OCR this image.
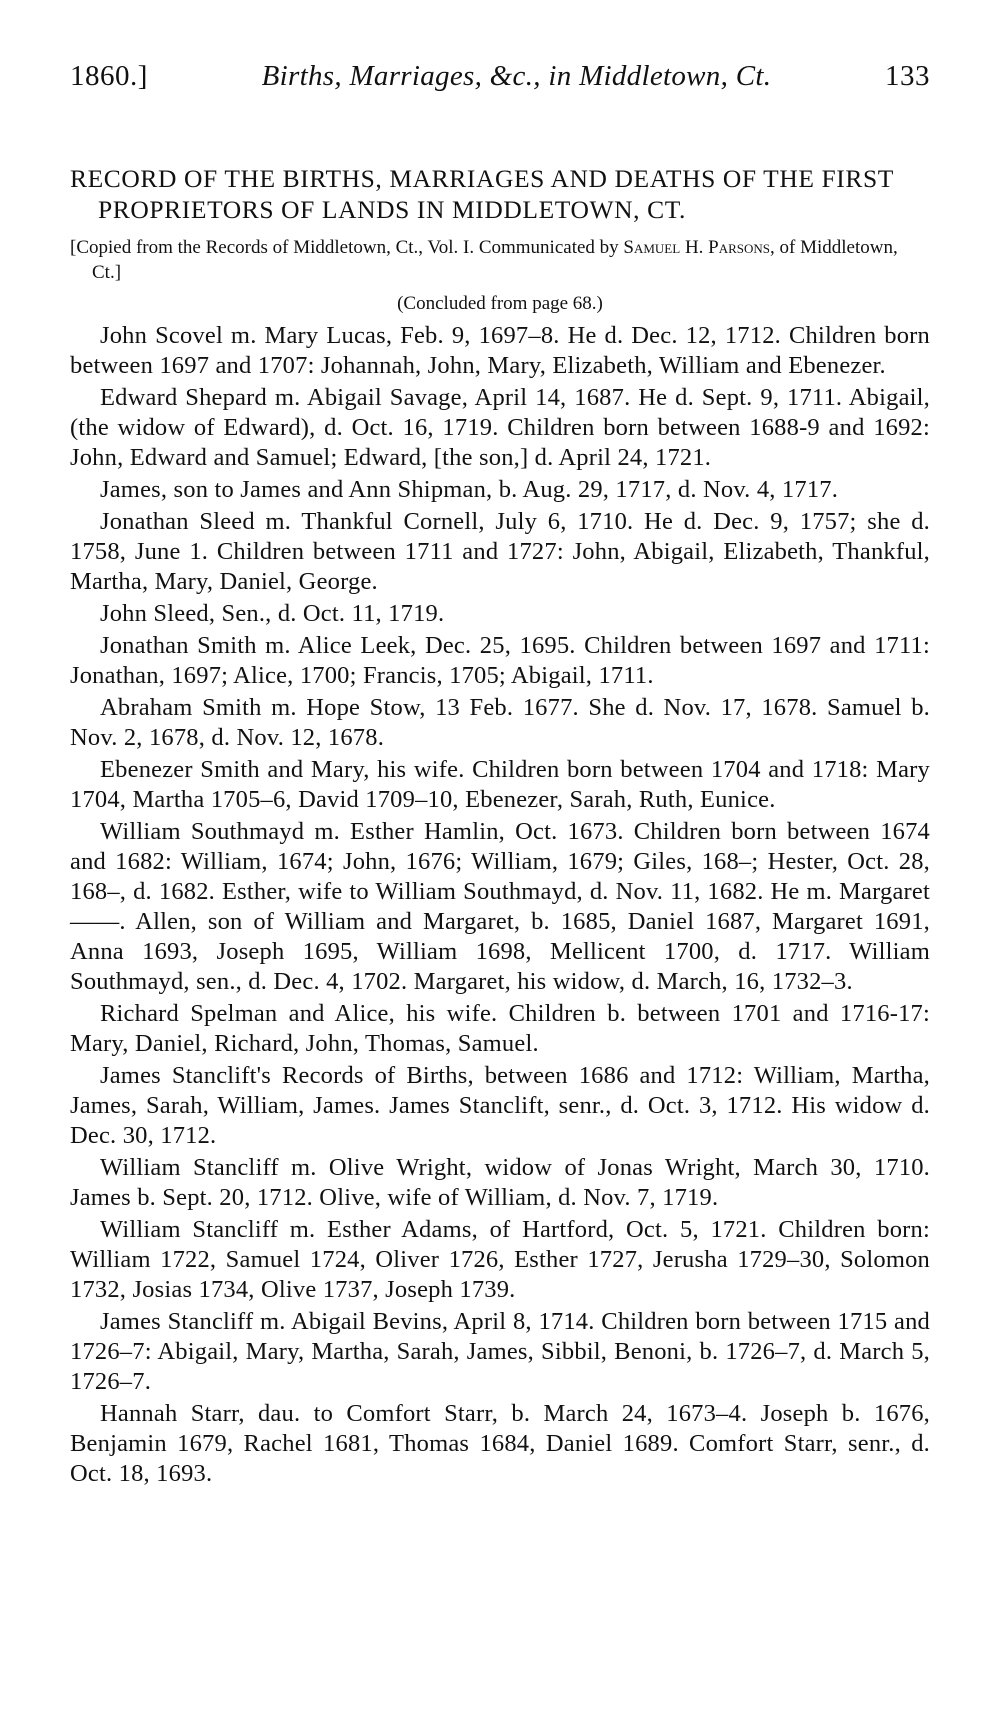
1860.]	Births, Marriages, &c., in Middletown, Ct.	133
RECORD OF THE BIRTHS, MARRIAGES AND DEATHS OF THE FIRST PROPRIETORS OF LANDS IN MIDDLETOWN, CT.

[Copied from the Records of Middletown, Ct., Vol. I. Communicated by Samuel H. Parsons, of Middletown, Ct.]

(Concluded from page 68.)

John Scovel m. Mary Lucas, Feb. 9, 1697–8. He d. Dec. 12, 1712. Children born between 1697 and 1707: Johannah, John, Mary, Elizabeth, William and Ebenezer.

Edward Shepard m. Abigail Savage, April 14, 1687. He d. Sept. 9, 1711. Abigail, (the widow of Edward), d. Oct. 16, 1719. Children born between 1688-9 and 1692: John, Edward and Samuel; Edward, [the son,] d. April 24, 1721.

James, son to James and Ann Shipman, b. Aug. 29, 1717, d. Nov. 4, 1717.

Jonathan Sleed m. Thankful Cornell, July 6, 1710. He d. Dec. 9, 1757; she d. 1758, June 1. Children between 1711 and 1727: John, Abigail, Elizabeth, Thankful, Martha, Mary, Daniel, George.

John Sleed, Sen., d. Oct. 11, 1719.

Jonathan Smith m. Alice Leek, Dec. 25, 1695. Children between 1697 and 1711: Jonathan, 1697; Alice, 1700; Francis, 1705; Abigail, 1711.

Abraham Smith m. Hope Stow, 13 Feb. 1677. She d. Nov. 17, 1678. Samuel b. Nov. 2, 1678, d. Nov. 12, 1678.

Ebenezer Smith and Mary, his wife. Children born between 1704 and 1718: Mary 1704, Martha 1705–6, David 1709–10, Ebenezer, Sarah, Ruth, Eunice.

William Southmayd m. Esther Hamlin, Oct. 1673. Children born between 1674 and 1682: William, 1674; John, 1676; William, 1679; Giles, 168–; Hester, Oct. 28, 168–, d. 1682. Esther, wife to William Southmayd, d. Nov. 11, 1682. He m. Margaret ——. Allen, son of William and Margaret, b. 1685, Daniel 1687, Margaret 1691, Anna 1693, Joseph 1695, William 1698, Mellicent 1700, d. 1717. William Southmayd, sen., d. Dec. 4, 1702. Margaret, his widow, d. March, 16, 1732–3.

Richard Spelman and Alice, his wife. Children b. between 1701 and 1716-17: Mary, Daniel, Richard, John, Thomas, Samuel.

James Stanclift's Records of Births, between 1686 and 1712: William, Martha, James, Sarah, William, James. James Stanclift, senr., d. Oct. 3, 1712. His widow d. Dec. 30, 1712.

William Stancliff m. Olive Wright, widow of Jonas Wright, March 30, 1710. James b. Sept. 20, 1712. Olive, wife of William, d. Nov. 7, 1719.

William Stancliff m. Esther Adams, of Hartford, Oct. 5, 1721. Children born: William 1722, Samuel 1724, Oliver 1726, Esther 1727, Jerusha 1729–30, Solomon 1732, Josias 1734, Olive 1737, Joseph 1739.

James Stancliff m. Abigail Bevins, April 8, 1714. Children born between 1715 and 1726–7: Abigail, Mary, Martha, Sarah, James, Sibbil, Benoni, b. 1726–7, d. March 5, 1726–7.

Hannah Starr, dau. to Comfort Starr, b. March 24, 1673–4. Joseph b. 1676, Benjamin 1679, Rachel 1681, Thomas 1684, Daniel 1689. Comfort Starr, senr., d. Oct. 18, 1693.
